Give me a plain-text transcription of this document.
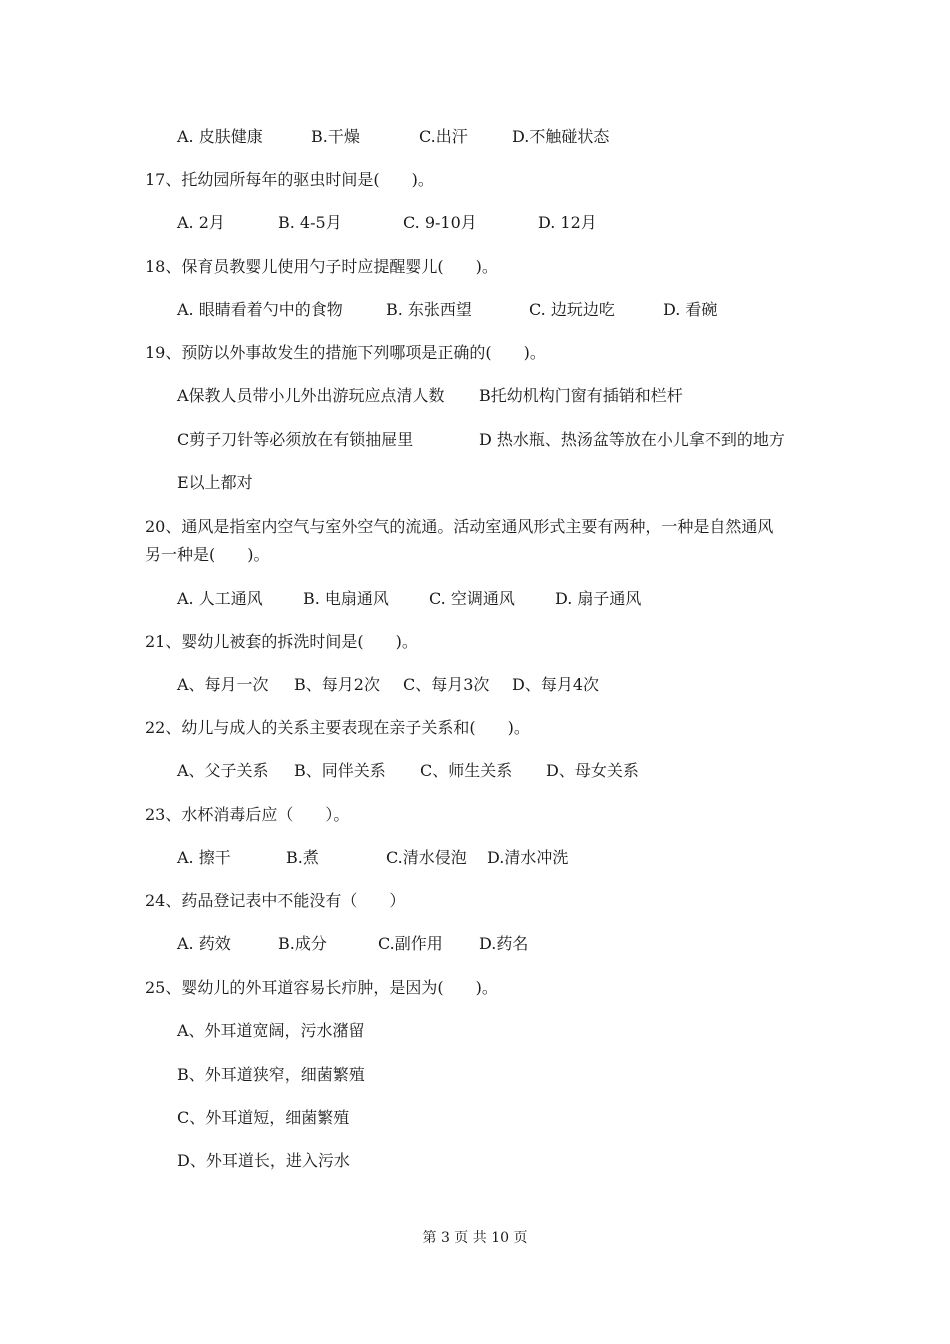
A. 皮肤健康	B.干燥	C.出汗	D.不触碰状态
17、托幼园所每年的驱虫时间是(　　)。
A. 2月	B. 4-5月	C. 9-10月	D. 12月
18、保育员教婴儿使用勺子时应提醒婴儿(　　)。
A. 眼睛看着勺中的食物	B. 东张西望	C. 边玩边吃	D. 看碗
19、预防以外事故发生的措施下列哪项是正确的(　　)。
A保教人员带小儿外出游玩应点清人数 B托幼机构门窗有插销和栏杆
C剪子刀针等必须放在有锁抽屉里	D 热水瓶、热汤盆等放在小儿拿不到的地方
E以上都对
20、通风是指室内空气与室外空气的流通。活动室通风形式主要有两种，一种是自然通风
另一种是(　　)。
A. 人工通风	B. 电扇通风	C. 空调通风	D. 扇子通风
21、婴幼儿被套的拆洗时间是(　　)。
A、每月一次 B、每月2次 C、每月3次 D、每月4次
22、幼儿与成人的关系主要表现在亲子关系和(　　)。
A、父子关系 B、同伴关系 C、师生关系 D、母女关系
23、水杯消毒后应（　　）。
A. 擦干	B.煮	C.清水侵泡 D.清水冲洗
24、药品登记表中不能没有（　　）
A. 药效	B.成分	C.副作用 D.药名
25、婴幼儿的外耳道容易长疖肿，是因为(　　)。
A、外耳道宽阔，污水潴留
B、外耳道狭窄，细菌繁殖
C、外耳道短，细菌繁殖
D、外耳道长，进入污水
第 3 页 共 10 页
